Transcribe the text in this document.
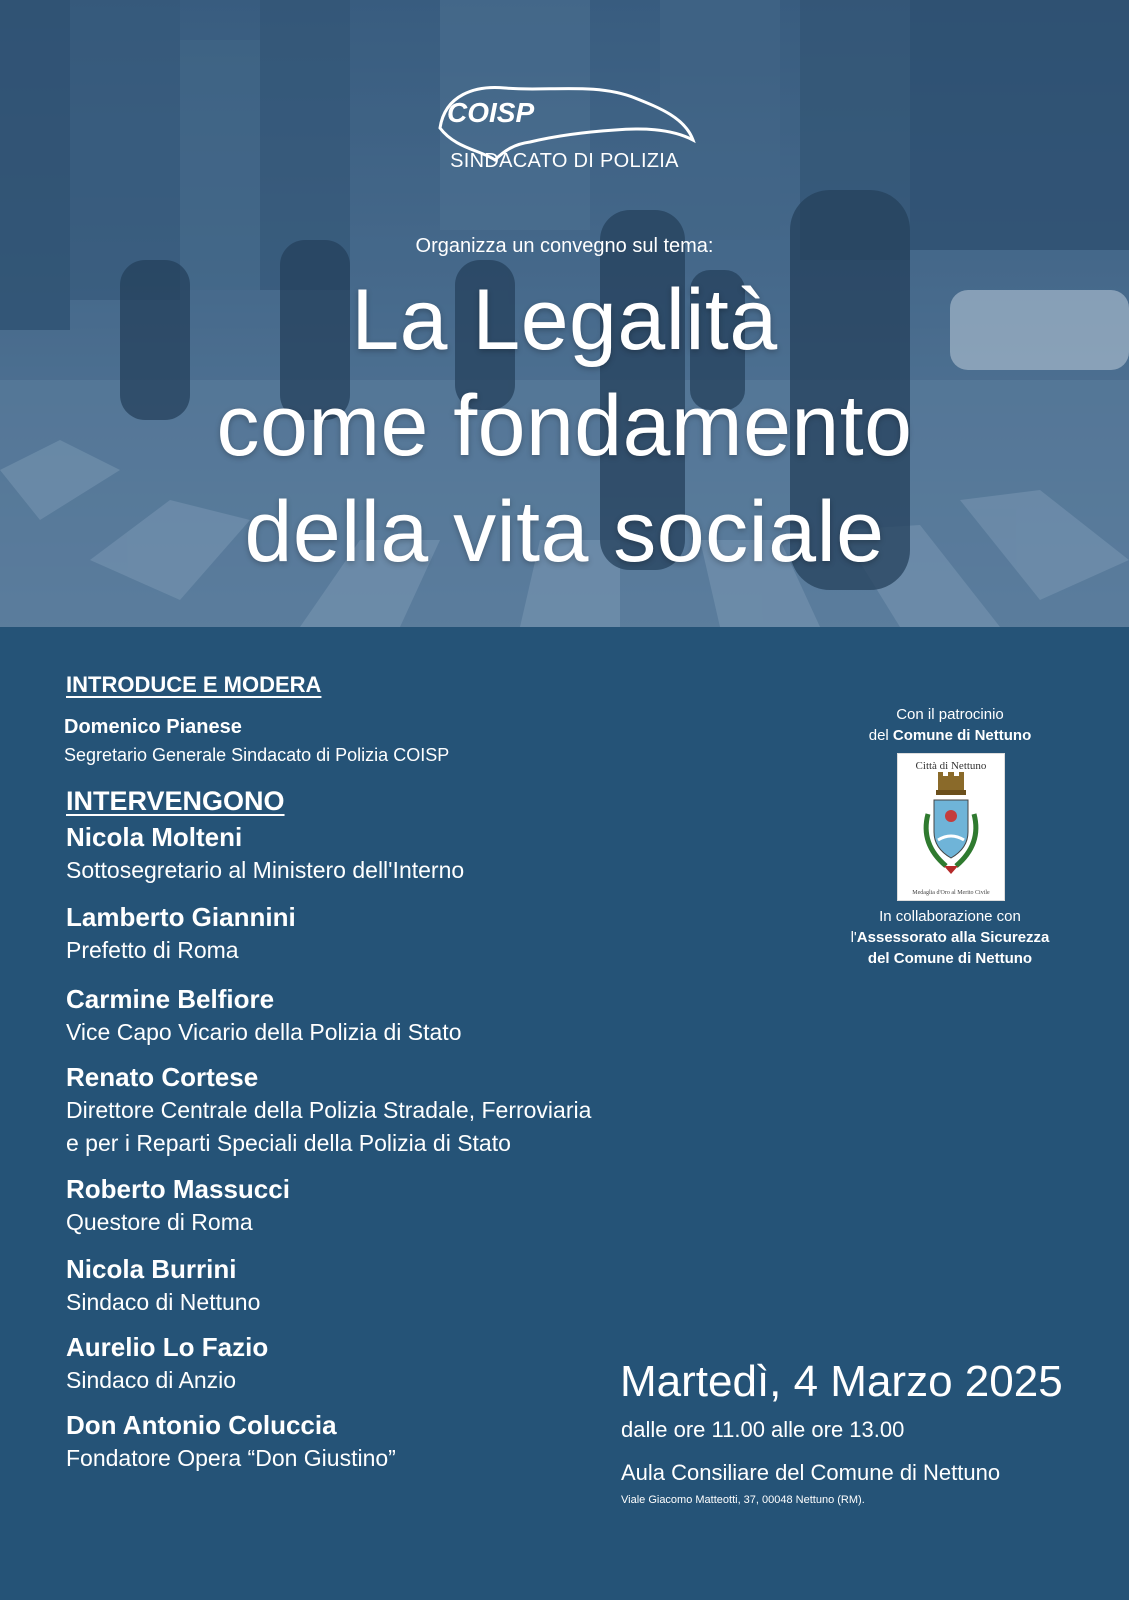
COISP
SINDACATO DI POLIZIA
Organizza un convegno sul tema:
La Legalità
come fondamento
della vita sociale
INTRODUCE E MODERA
Domenico Pianese
Segretario Generale Sindacato di Polizia COISP
INTERVENGONO
Nicola Molteni
Sottosegretario al Ministero dell'Interno
Lamberto Giannini
Prefetto di Roma
Carmine Belfiore
Vice Capo Vicario della Polizia di Stato
Renato Cortese
Direttore Centrale della Polizia Stradale, Ferroviaria
e per i Reparti Speciali della Polizia di Stato
Roberto Massucci
Questore di Roma
Nicola Burrini
Sindaco di Nettuno
Aurelio Lo Fazio
Sindaco di Anzio
Don Antonio Coluccia
Fondatore Opera “Don Giustino”
Con il patrocinio
del Comune di Nettuno
Città di Nettuno
Medaglia d'Oro al Merito Civile
In collaborazione con
l'Assessorato alla Sicurezza
del Comune di Nettuno
Martedì, 4 Marzo 2025
dalle ore 11.00 alle ore 13.00
Aula Consiliare del Comune di Nettuno
Viale Giacomo Matteotti, 37, 00048 Nettuno (RM).
